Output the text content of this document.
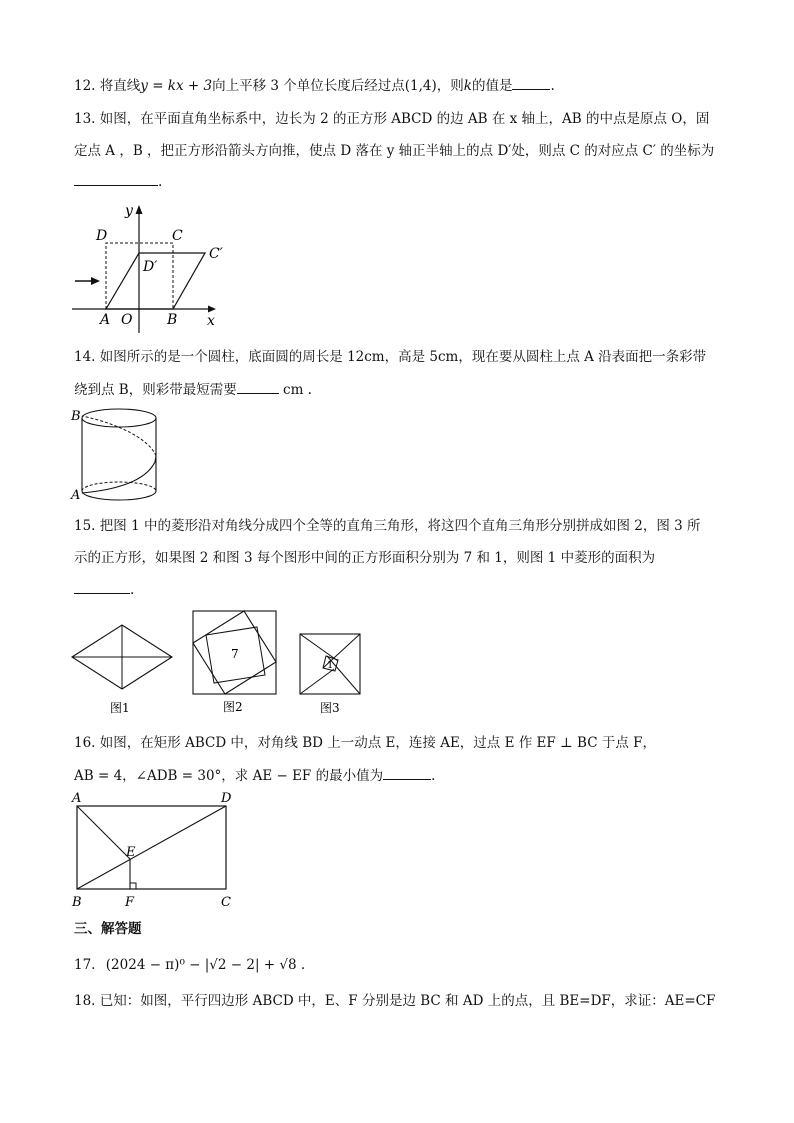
12. 将直线y = kx + 3向上平移 3 个单位长度后经过点(1,4)，则k的值是	.
13. 如图，在平面直角坐标系中，边长为 2 的正方形 ABCD 的边 AB 在 x 轴上，AB 的中点是原点 O，固
定点 A ，B ，把正方形沿箭头方向推，使点 D 落在 y 轴正半轴上的点 D′处，则点 C 的对应点 C′ 的坐标为
.
y
x
D	C
C′
D′
A O B
14. 如图所示的是一个圆柱，底面圆的周长是 12cm，高是 5cm，现在要从圆柱上点 A 沿表面把一条彩带
绕到点 B，则彩带最短需要	cm .
B
A
15. 把图 1 中的菱形沿对角线分成四个全等的直角三角形，将这四个直角三角形分别拼成如图 2，图 3 所
示的正方形，如果图 2 和图 3 每个图形中间的正方形面积分别为 7 和 1，则图 1 中菱形的面积为
.
图1
7
图2
1
图3
16. 如图，在矩形 ABCD 中，对角线 BD 上一动点 E，连接 AE，过点 E 作 EF ⊥ BC 于点 F，
AB = 4，∠ADB = 30°，求 AE − EF 的最小值为	.
A	D
E
B	F	C
三、解答题
17. (2024 − π)⁰ − |√2 − 2| + √8 .
18. 已知：如图，平行四边形 ABCD 中，E、F 分别是边 BC 和 AD 上的点，且 BE=DF，求证：AE=CF
